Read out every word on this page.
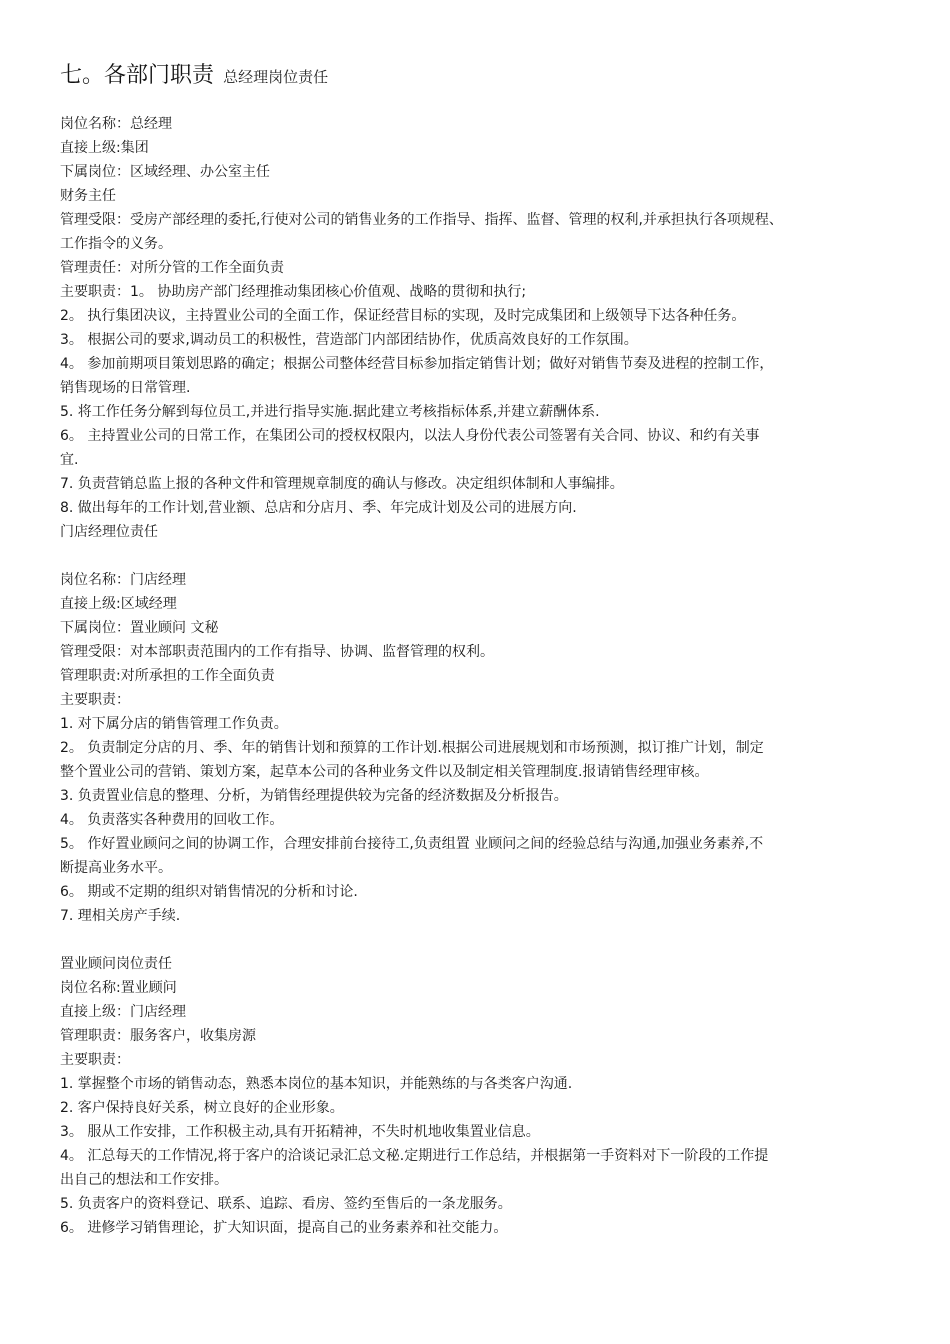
七。各部门职责 总经理岗位责任
岗位名称：总经理
直接上级:集团
下属岗位：区域经理、办公室主任
财务主任
管理受限：受房产部经理的委托,行使对公司的销售业务的工作指导、指挥、监督、管理的权利,并承担执行各项规程、
工作指令的义务。
管理责任：对所分管的工作全面负责
主要职责：1。 协助房产部门经理推动集团核心价值观、战略的贯彻和执行;
2。 执行集团决议，主持置业公司的全面工作，保证经营目标的实现，及时完成集团和上级领导下达各种任务。
3。 根据公司的要求,调动员工的积极性，营造部门内部团结协作，优质高效良好的工作氛围。
4。 参加前期项目策划思路的确定；根据公司整体经营目标参加指定销售计划；做好对销售节奏及进程的控制工作，
销售现场的日常管理.
5. 将工作任务分解到每位员工,并进行指导实施.据此建立考核指标体系,并建立薪酬体系.
6。 主持置业公司的日常工作，在集团公司的授权权限内，以法人身份代表公司签署有关合同、协议、和约有关事
宜.
7. 负责营销总监上报的各种文件和管理规章制度的确认与修改。决定组织体制和人事编排。
8. 做出每年的工作计划,营业额、总店和分店月、季、年完成计划及公司的进展方向.
门店经理位责任
岗位名称：门店经理
直接上级:区域经理
下属岗位：置业顾问 文秘
管理受限：对本部职责范围内的工作有指导、协调、监督管理的权利。
管理职责:对所承担的工作全面负责
主要职责：
1. 对下属分店的销售管理工作负责。
2。 负责制定分店的月、季、年的销售计划和预算的工作计划.根据公司进展规划和市场预测，拟订推广计划，制定
整个置业公司的营销、策划方案，起草本公司的各种业务文件以及制定相关管理制度.报请销售经理审核。
3. 负责置业信息的整理、分析，为销售经理提供较为完备的经济数据及分析报告。
4。 负责落实各种费用的回收工作。
5。 作好置业顾问之间的协调工作，合理安排前台接待工,负责组置 业顾问之间的经验总结与沟通,加强业务素养,不
断提高业务水平。
6。 期或不定期的组织对销售情况的分析和讨论.
7. 理相关房产手续.
置业顾问岗位责任
岗位名称:置业顾问
直接上级：门店经理
管理职责：服务客户，收集房源
主要职责：
1. 掌握整个市场的销售动态，熟悉本岗位的基本知识，并能熟练的与各类客户沟通.
2. 客户保持良好关系，树立良好的企业形象。
3。 服从工作安排，工作积极主动,具有开拓精神，不失时机地收集置业信息。
4。 汇总每天的工作情况,将于客户的洽谈记录汇总文秘.定期进行工作总结，并根据第一手资料对下一阶段的工作提
出自己的想法和工作安排。
5. 负责客户的资料登记、联系、追踪、看房、签约至售后的一条龙服务。
6。 进修学习销售理论，扩大知识面，提高自己的业务素养和社交能力。
